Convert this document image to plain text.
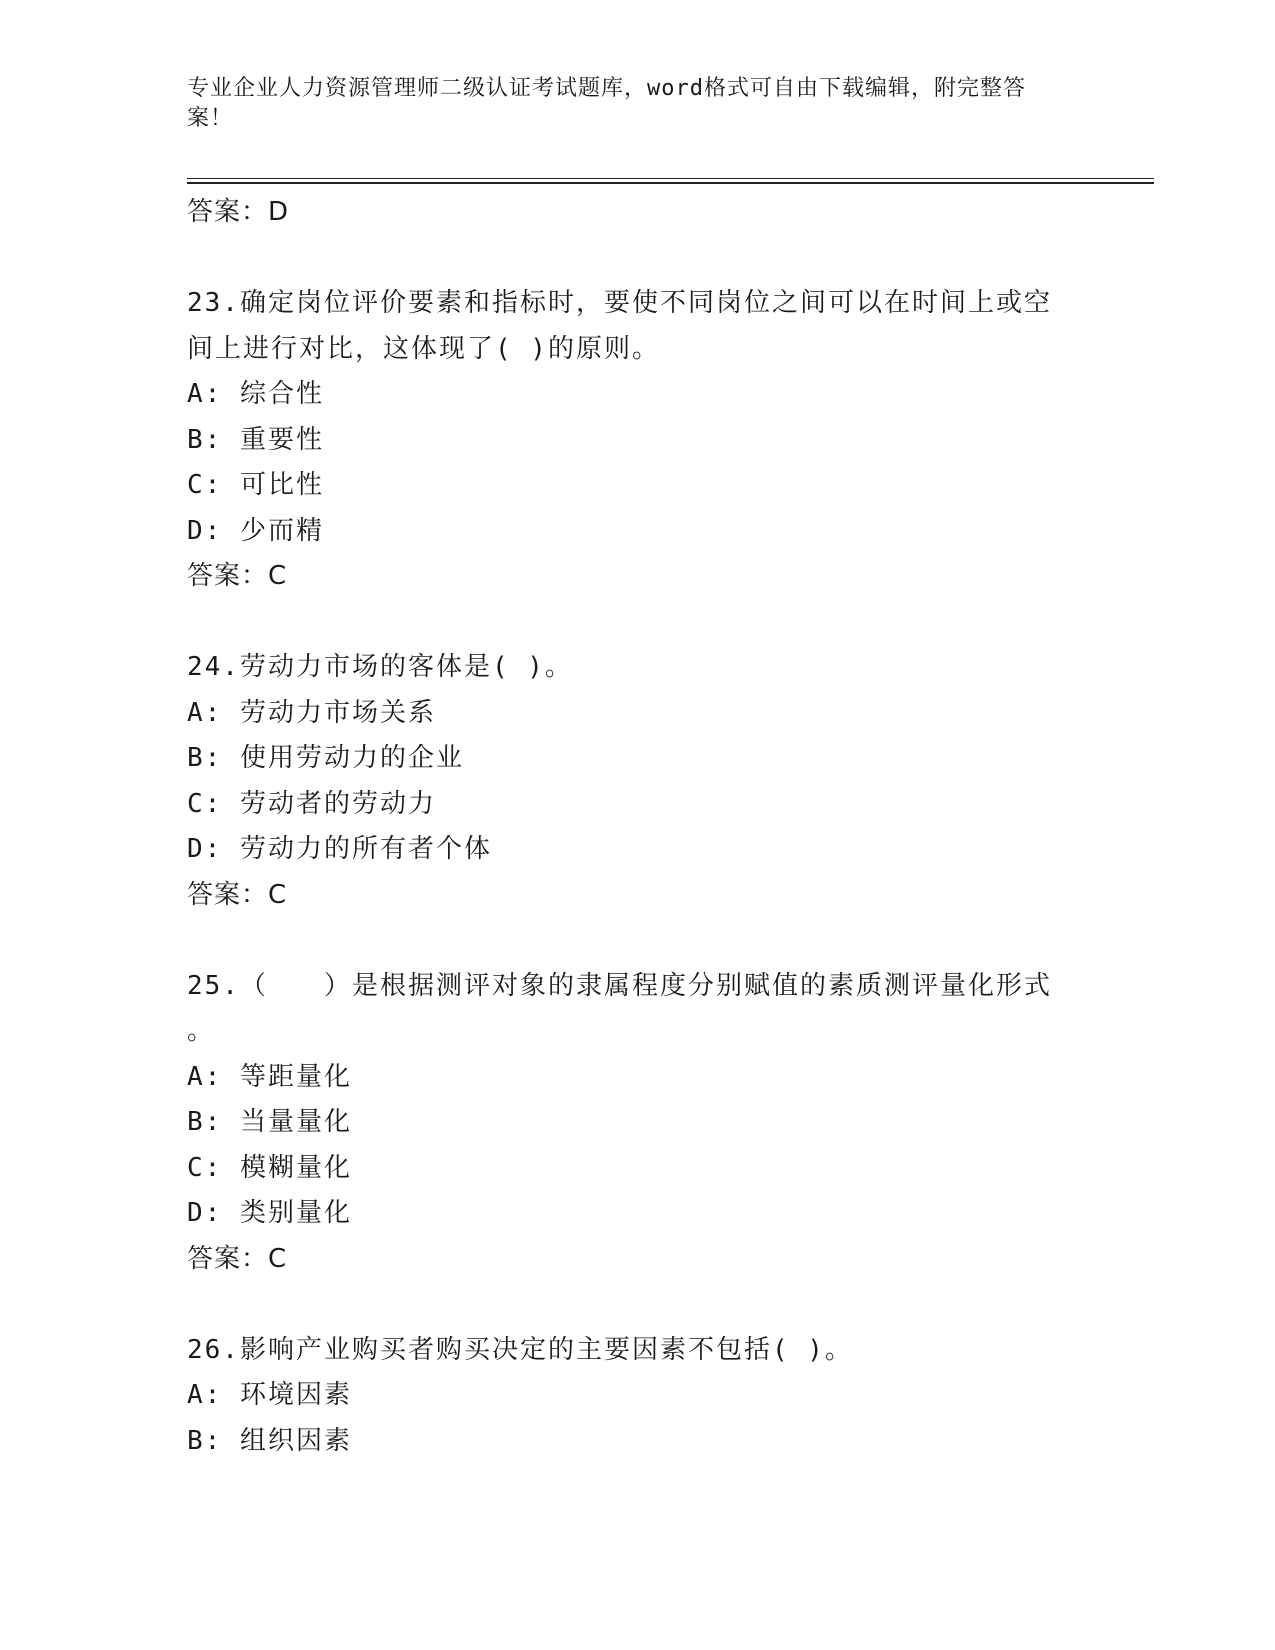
专业企业人力资源管理师二级认证考试题库，word格式可自由下载编辑，附完整答案！
答案：D
23.确定岗位评价要素和指标时，要使不同岗位之间可以在时间上或空
间上进行对比，这体现了( )的原则。
A: 综合性
B: 重要性
C: 可比性
D: 少而精
答案：C
24.劳动力市场的客体是( )。
A: 劳动力市场关系
B: 使用劳动力的企业
C: 劳动者的劳动力
D: 劳动力的所有者个体
答案：C
25.（　　）是根据测评对象的隶属程度分别赋值的素质测评量化形式
。
A: 等距量化
B: 当量量化
C: 模糊量化
D: 类别量化
答案：C
26.影响产业购买者购买决定的主要因素不包括( )。
A: 环境因素
B: 组织因素
